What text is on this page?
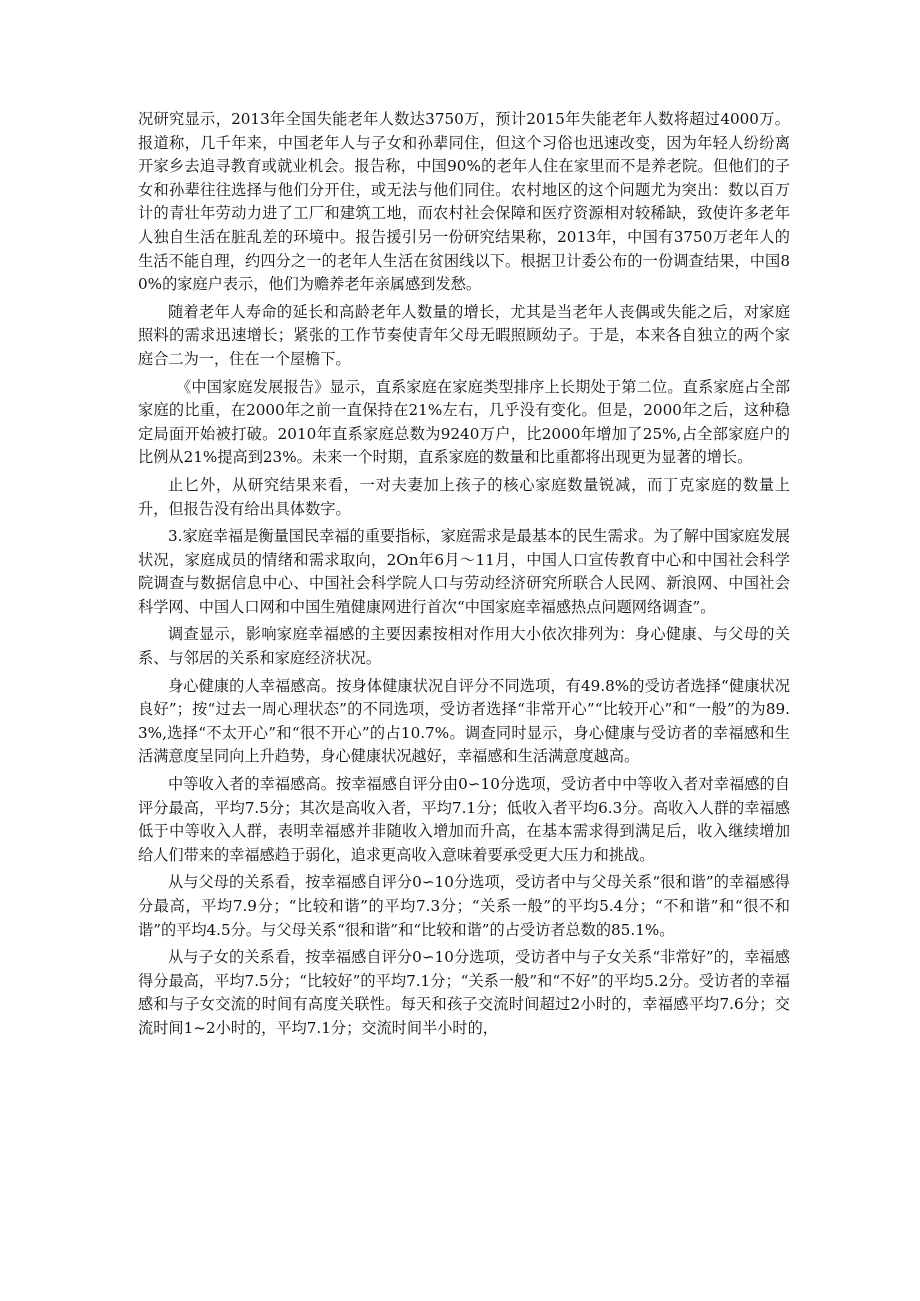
况研究显示，2013年全国失能老年人数达3750万，预计2015年失能老年人数将超过4000万。报道称，几千年来，中国老年人与子女和孙辈同住，但这个习俗也迅速改变，因为年轻人纷纷离开家乡去追寻教育或就业机会。报告称，中国90%的老年人住在家里而不是养老院。但他们的子女和孙辈往往选择与他们分开住，或无法与他们同住。农村地区的这个问题尤为突出：数以百万计的青壮年劳动力进了工厂和建筑工地，而农村社会保障和医疗资源相对较稀缺，致使许多老年人独自生活在脏乱差的环境中。报告援引另一份研究结果称，2013年，中国有3750万老年人的生活不能自理，约四分之一的老年人生活在贫困线以下。根据卫计委公布的一份调查结果，中国80%的家庭户表示，他们为赡养老年亲属感到发愁。

随着老年人寿命的延长和高龄老年人数量的增长，尤其是当老年人丧偶或失能之后，对家庭照料的需求迅速增长；紧张的工作节奏使青年父母无暇照顾幼子。于是，本来各自独立的两个家庭合二为一，住在一个屋檐下。

《中国家庭发展报告》显示，直系家庭在家庭类型排序上长期处于第二位。直系家庭占全部家庭的比重，在2000年之前一直保持在21%左右，几乎没有变化。但是，2000年之后，这种稳定局面开始被打破。2010年直系家庭总数为9240万户，比2000年增加了25%,占全部家庭户的比例从21%提高到23%。未来一个时期，直系家庭的数量和比重都将出现更为显著的增长。

止匕外，从研究结果来看，一对夫妻加上孩子的核心家庭数量锐减，而丁克家庭的数量上升，但报告没有给出具体数字。

3.家庭幸福是衡量国民幸福的重要指标，家庭需求是最基本的民生需求。为了解中国家庭发展状况，家庭成员的情绪和需求取向，2On年6月～11月，中国人口宣传教育中心和中国社会科学院调查与数据信息中心、中国社会科学院人口与劳动经济研究所联合人民网、新浪网、中国社会科学网、中国人口网和中国生殖健康网进行首次“中国家庭幸福感热点问题网络调查”。

调查显示，影响家庭幸福感的主要因素按相对作用大小依次排列为：身心健康、与父母的关系、与邻居的关系和家庭经济状况。

身心健康的人幸福感高。按身体健康状况自评分不同选项，有49.8%的受访者选择“健康状况良好”；按“过去一周心理状态”的不同选项，受访者选择“非常开心”“比较开心”和“一般”的为89.3%,选择“不太开心”和“很不开心”的占10.7%。调查同时显示，身心健康与受访者的幸福感和生活满意度呈同向上升趋势，身心健康状况越好，幸福感和生活满意度越高。

中等收入者的幸福感高。按幸福感自评分由0∽10分选项，受访者中中等收入者对幸福感的自评分最高，平均7.5分；其次是高收入者，平均7.1分；低收入者平均6.3分。高收入人群的幸福感低于中等收入人群，表明幸福感并非随收入增加而升高，在基本需求得到满足后，收入继续增加给人们带来的幸福感趋于弱化，追求更高收入意味着要承受更大压力和挑战。

从与父母的关系看，按幸福感自评分0∽10分选项，受访者中与父母关系“很和谐”的幸福感得分最高，平均7.9分；“比较和谐”的平均7.3分；“关系一般”的平均5.4分；“不和谐”和“很不和谐”的平均4.5分。与父母关系“很和谐”和“比较和谐”的占受访者总数的85.1%。

从与子女的关系看，按幸福感自评分0∽10分选项，受访者中与子女关系“非常好”的，幸福感得分最高，平均7.5分；“比较好”的平均7.1分；“关系一般”和“不好”的平均5.2分。受访者的幸福感和与子女交流的时间有高度关联性。每天和孩子交流时间超过2小时的，幸福感平均7.6分；交流时间1~2小时的，平均7.1分；交流时间半小时的，
